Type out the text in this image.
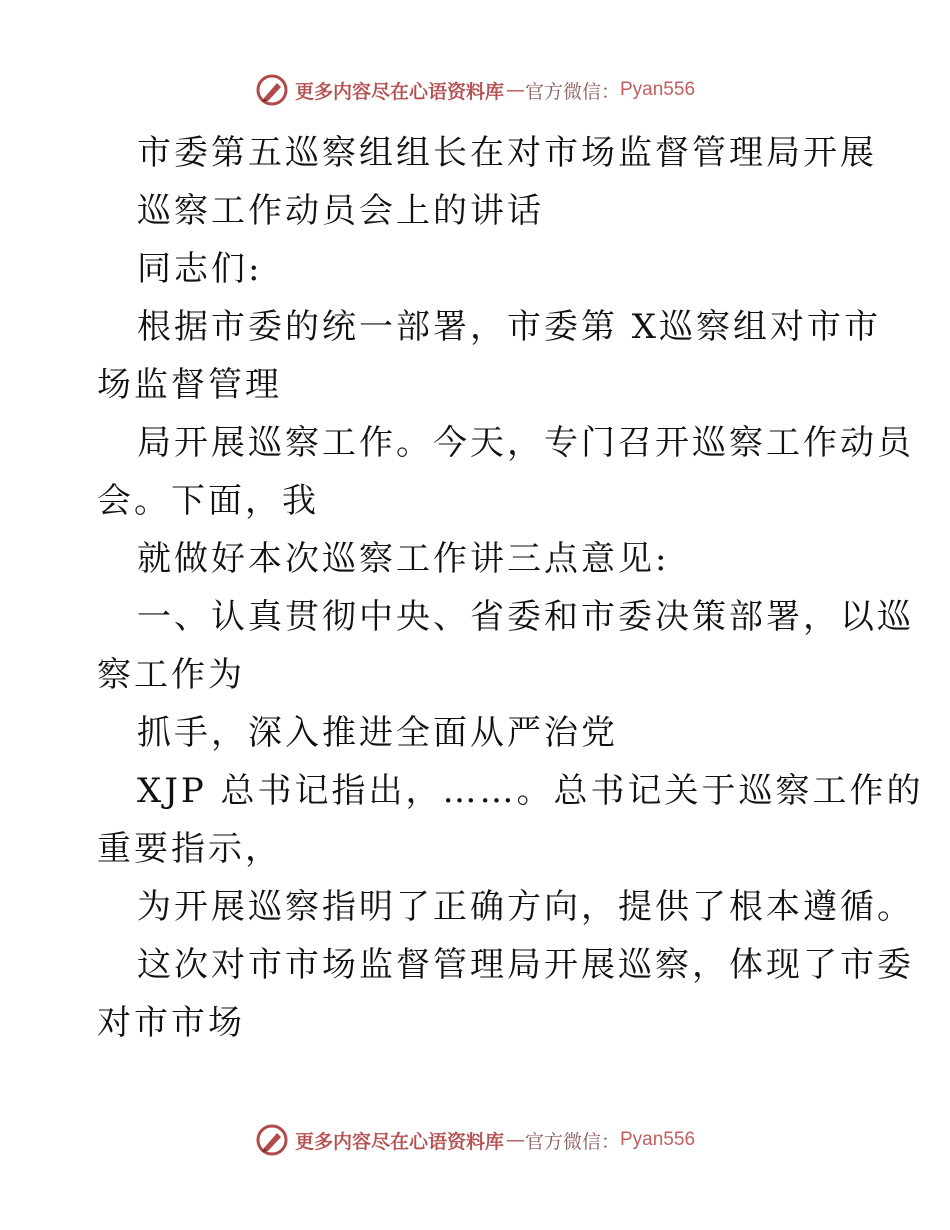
更多内容尽在心语资料库 — 官方微信： Pyan556
市委第五巡察组组长在对市场监督管理局开展
巡察工作动员会上的讲话
同志们:
根据市委的统一部署，市委第 X巡察组对市市
场监督管理
局开展巡察工作。今天，专门召开巡察工作动员
会。下面，我
就做好本次巡察工作讲三点意见:
一、认真贯彻中央、省委和市委决策部署，以巡
察工作为
抓手，深入推进全面从严治党
XJP 总书记指出，……。总书记关于巡察工作的
重要指示，
为开展巡察指明了正确方向，提供了根本遵循。
这次对市市场监督管理局开展巡察，体现了市委
对市市场
更多内容尽在心语资料库 — 官方微信： Pyan556
